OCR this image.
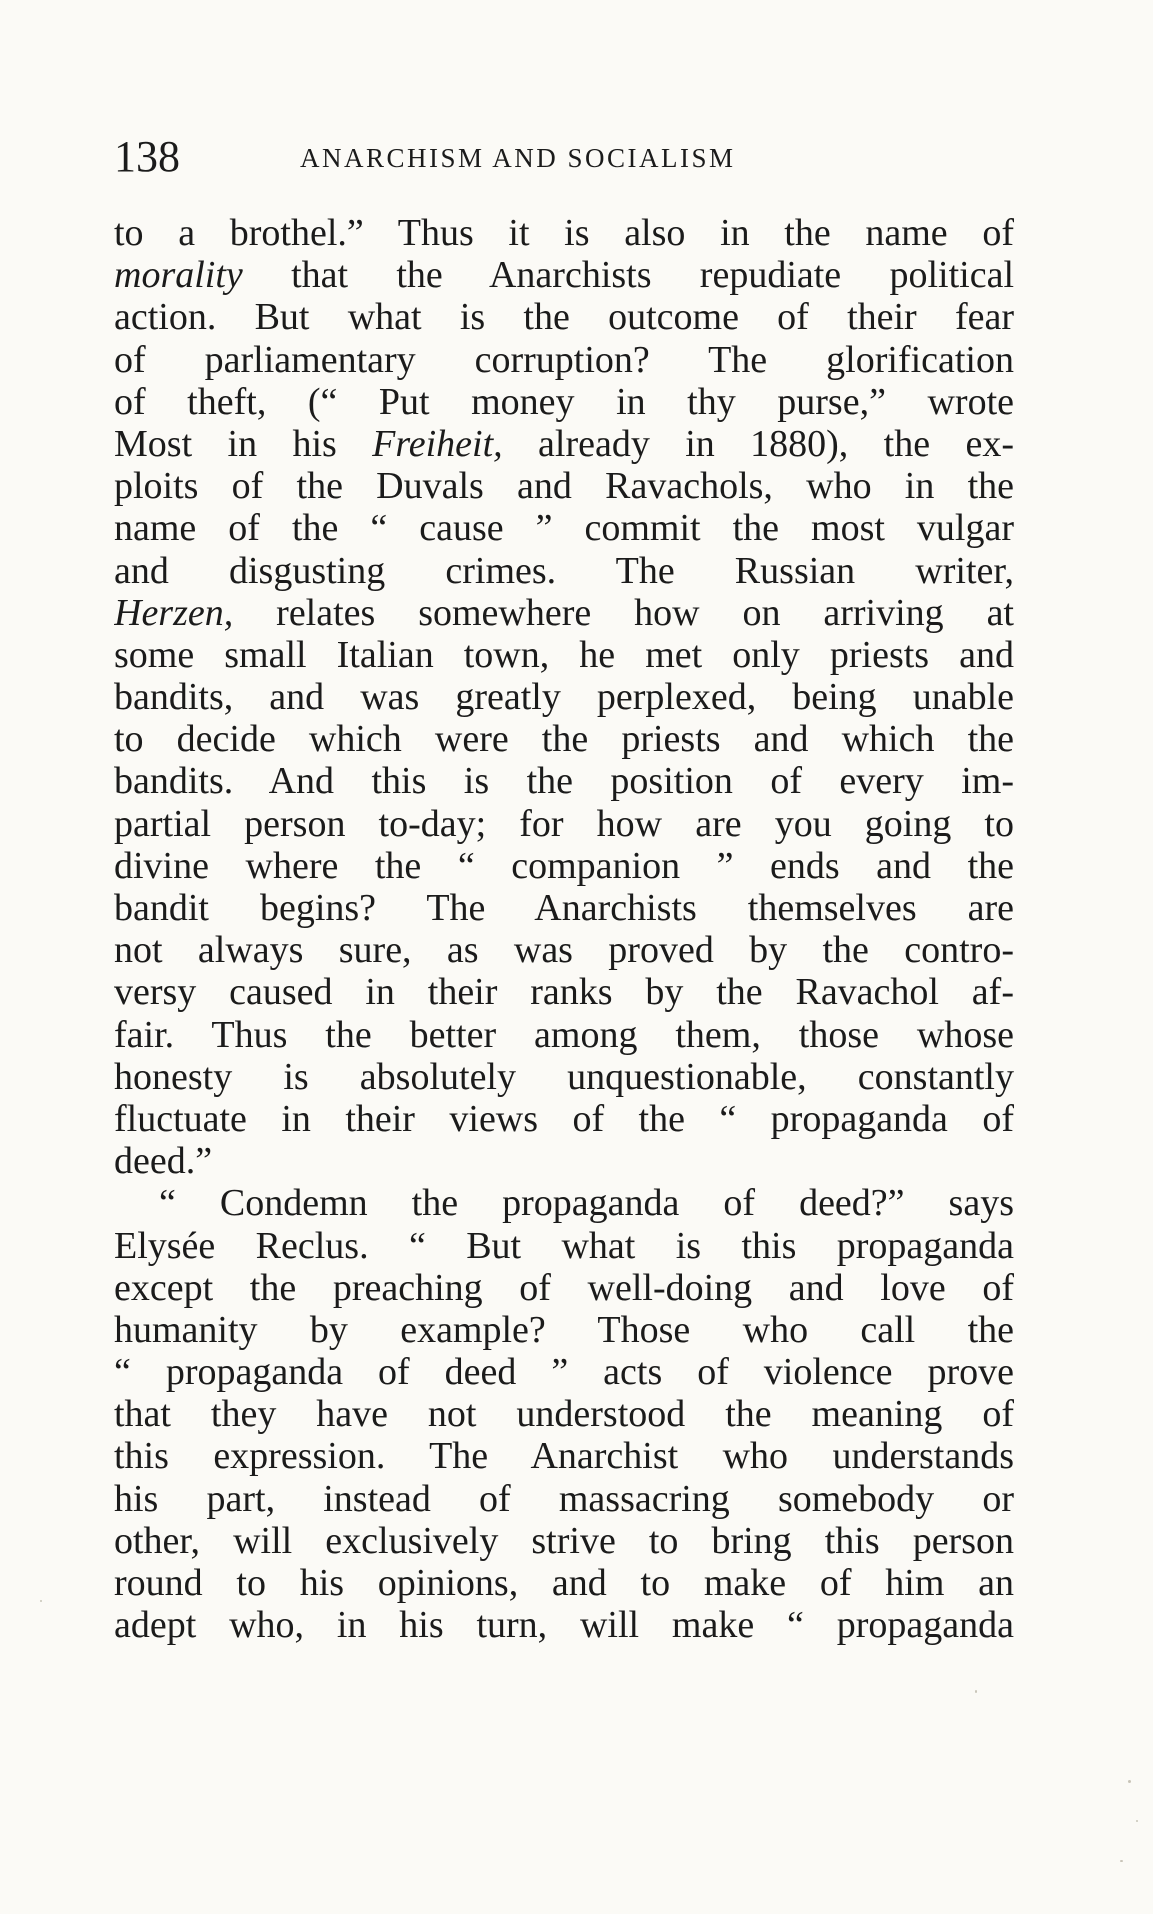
138	ANARCHISM AND SOCIALISM
to a brothel.” Thus it is also in the name of
morality that the Anarchists repudiate political
action. But what is the outcome of their fear
of parliamentary corruption? The glorification
of theft, (“ Put money in thy purse,” wrote
Most in his Freiheit, already in 1880), the ex-
ploits of the Duvals and Ravachols, who in the
name of the “ cause ” commit the most vulgar
and disgusting crimes. The Russian writer,
Herzen, relates somewhere how on arriving at
some small Italian town, he met only priests and
bandits, and was greatly perplexed, being unable
to decide which were the priests and which the
bandits. And this is the position of every im-
partial person to-day; for how are you going to
divine where the “ companion ” ends and the
bandit begins? The Anarchists themselves are
not always sure, as was proved by the contro-
versy caused in their ranks by the Ravachol af-
fair. Thus the better among them, those whose
honesty is absolutely unquestionable, constantly
fluctuate in their views of the “ propaganda of
deed.”
“ Condemn the propaganda of deed?” says
Elysée Reclus. “ But what is this propaganda
except the preaching of well-doing and love of
humanity by example? Those who call the
“ propaganda of deed ” acts of violence prove
that they have not understood the meaning of
this expression. The Anarchist who understands
his part, instead of massacring somebody or
other, will exclusively strive to bring this person
round to his opinions, and to make of him an
adept who, in his turn, will make “ propaganda
